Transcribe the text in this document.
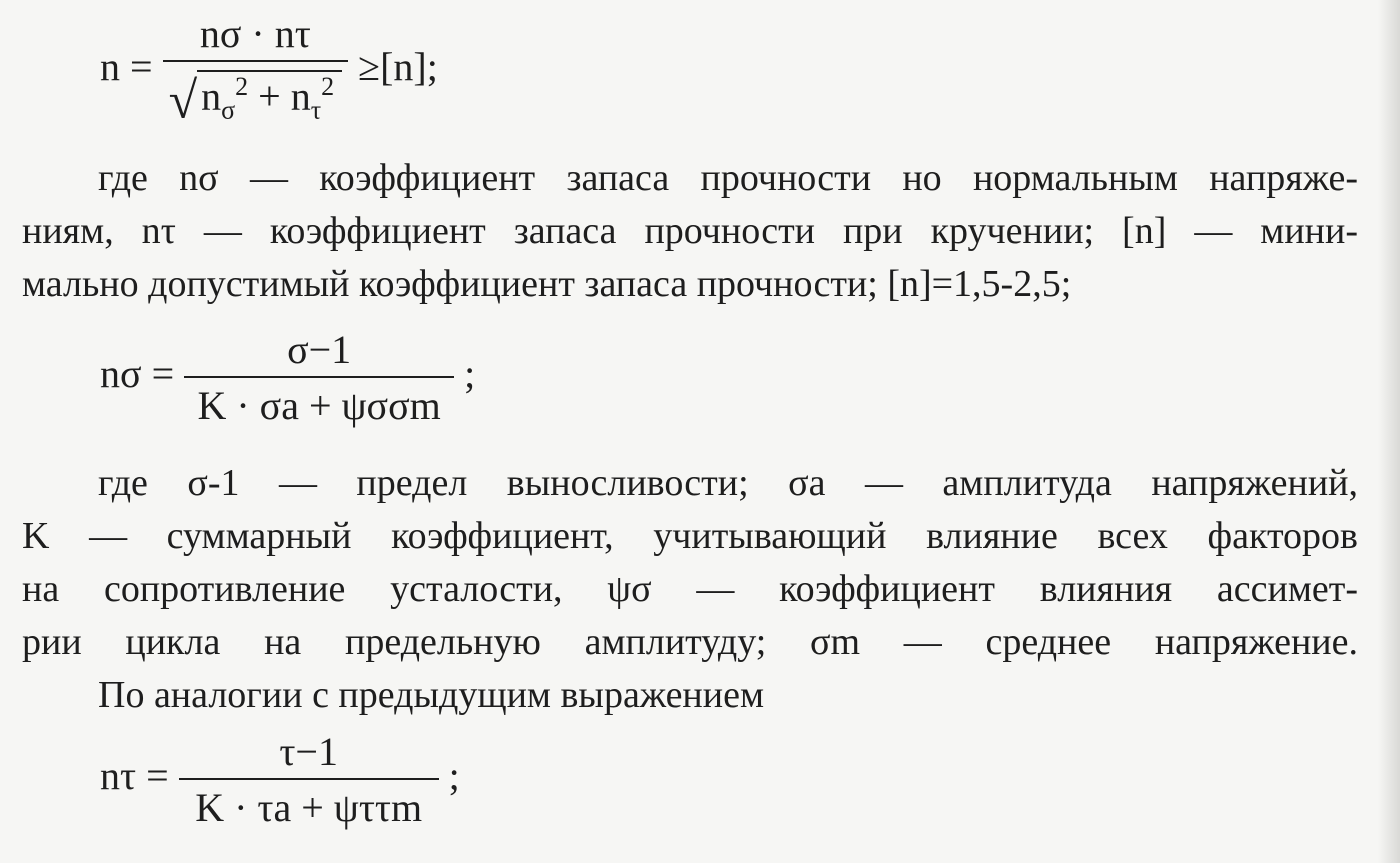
$n = \frac{n\sigma \cdot n\tau}{√ n_\sigma^2 + n_\tau^2} \ge[n]$;
где nσ — коэффициент запаса прочности но нормальным напряже-
ниям, nτ — коэффициент запаса прочности при кручении; [n] — мини-
мально допустимый коэффициент запаса прочности; [n]=1,5-2,5;
$n\sigma = \frac{\sigma-1}{\text{K · σa + ψσσm}}$ ;
где σ-1 — предел выносливости; σa — амплитуда напряжений,
K — суммарный коэффициент, учитывающий влияние всех факторов
на сопротивление усталости, ψσ — коэффициент влияния ассимет-
рии цикла на предельную амплитуду; σm — среднее напряжение.
По аналогии с предыдущим выражением
$n\tau = \frac{\tau-1}{\text{K · τa + ψττm}}$ ;
